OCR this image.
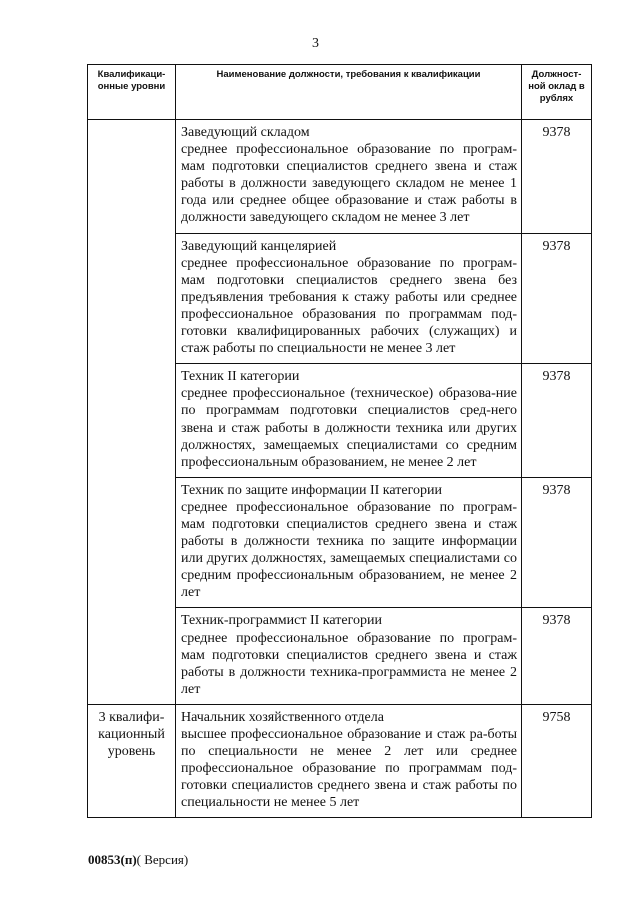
3
Квалификаци-онные уровни	Наименование должности, требования к квалификации	Должност-ной оклад в рублях

	Заведующий складом
среднее профессиональное образование по програм-мам подготовки специалистов среднего звена и стаж работы в должности заведующего складом не менее 1 года или среднее общее образование и стаж работы в должности заведующего складом не менее 3 лет	9378

	Заведующий канцелярией
среднее профессиональное образование по програм-мам подготовки специалистов среднего звена без предъявления требования к стажу работы или среднее профессиональное образования по программам под-готовки квалифицированных рабочих (служащих) и стаж работы по специальности не менее 3 лет	9378

	Техник II категории
среднее профессиональное (техническое) образова-ние по программам подготовки специалистов сред-него звена и стаж работы в должности техника или других должностях, замещаемых специалистами со средним профессиональным образованием, не менее 2 лет	9378

	Техник по защите информации II категории
среднее профессиональное образование по програм-мам подготовки специалистов среднего звена и стаж работы в должности техника по защите информации или других должностях, замещаемых специалистами со средним профессиональным образованием, не менее 2 лет	9378

	Техник-программист II категории
среднее профессиональное образование по програм-мам подготовки специалистов среднего звена и стаж работы в должности техника-программиста не менее 2 лет	9378
3 квалифи-кационный уровень	Начальник хозяйственного отдела
высшее профессиональное образование и стаж ра-боты по специальности не менее 2 лет или среднее профессиональное образование по программам под-готовки специалистов среднего звена и стаж работы по специальности не менее 5 лет	9758
00853(п)( Версия)
